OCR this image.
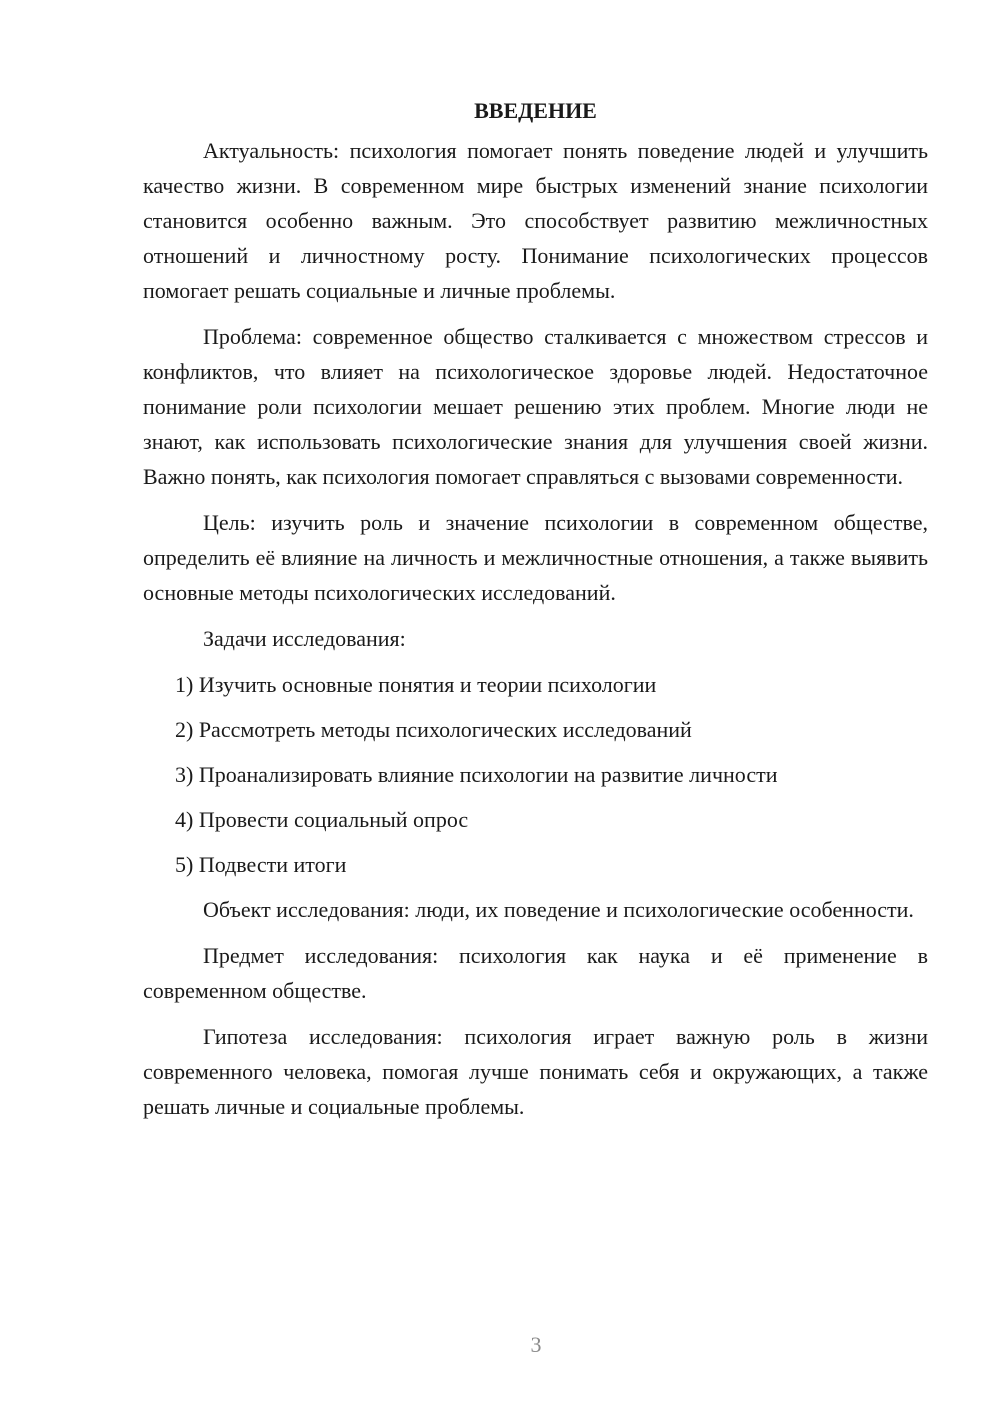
ВВЕДЕНИЕ

Актуальность: психология помогает понять поведение людей и улучшить качество жизни. В современном мире быстрых изменений знание психологии становится особенно важным. Это способствует развитию межличностных отношений и личностному росту. Понимание психологических процессов помогает решать социальные и личные проблемы.

Проблема: современное общество сталкивается с множеством стрессов и конфликтов, что влияет на психологическое здоровье людей. Недостаточное понимание роли психологии мешает решению этих проблем. Многие люди не знают, как использовать психологические знания для улучшения своей жизни. Важно понять, как психология помогает справляться с вызовами современности.

Цель: изучить роль и значение психологии в современном обществе, определить её влияние на личность и межличностные отношения, а также выявить основные методы психологических исследований.

Задачи исследования:

1) Изучить основные понятия и теории психологии
2) Рассмотреть методы психологических исследований
3) Проанализировать влияние психологии на развитие личности
4) Провести социальный опрос
5) Подвести итоги

Объект исследования: люди, их поведение и психологические особенности.

Предмет исследования: психология как наука и её применение в современном обществе.

Гипотеза исследования: психология играет важную роль в жизни современного человека, помогая лучше понимать себя и окружающих, а также решать личные и социальные проблемы.

3
